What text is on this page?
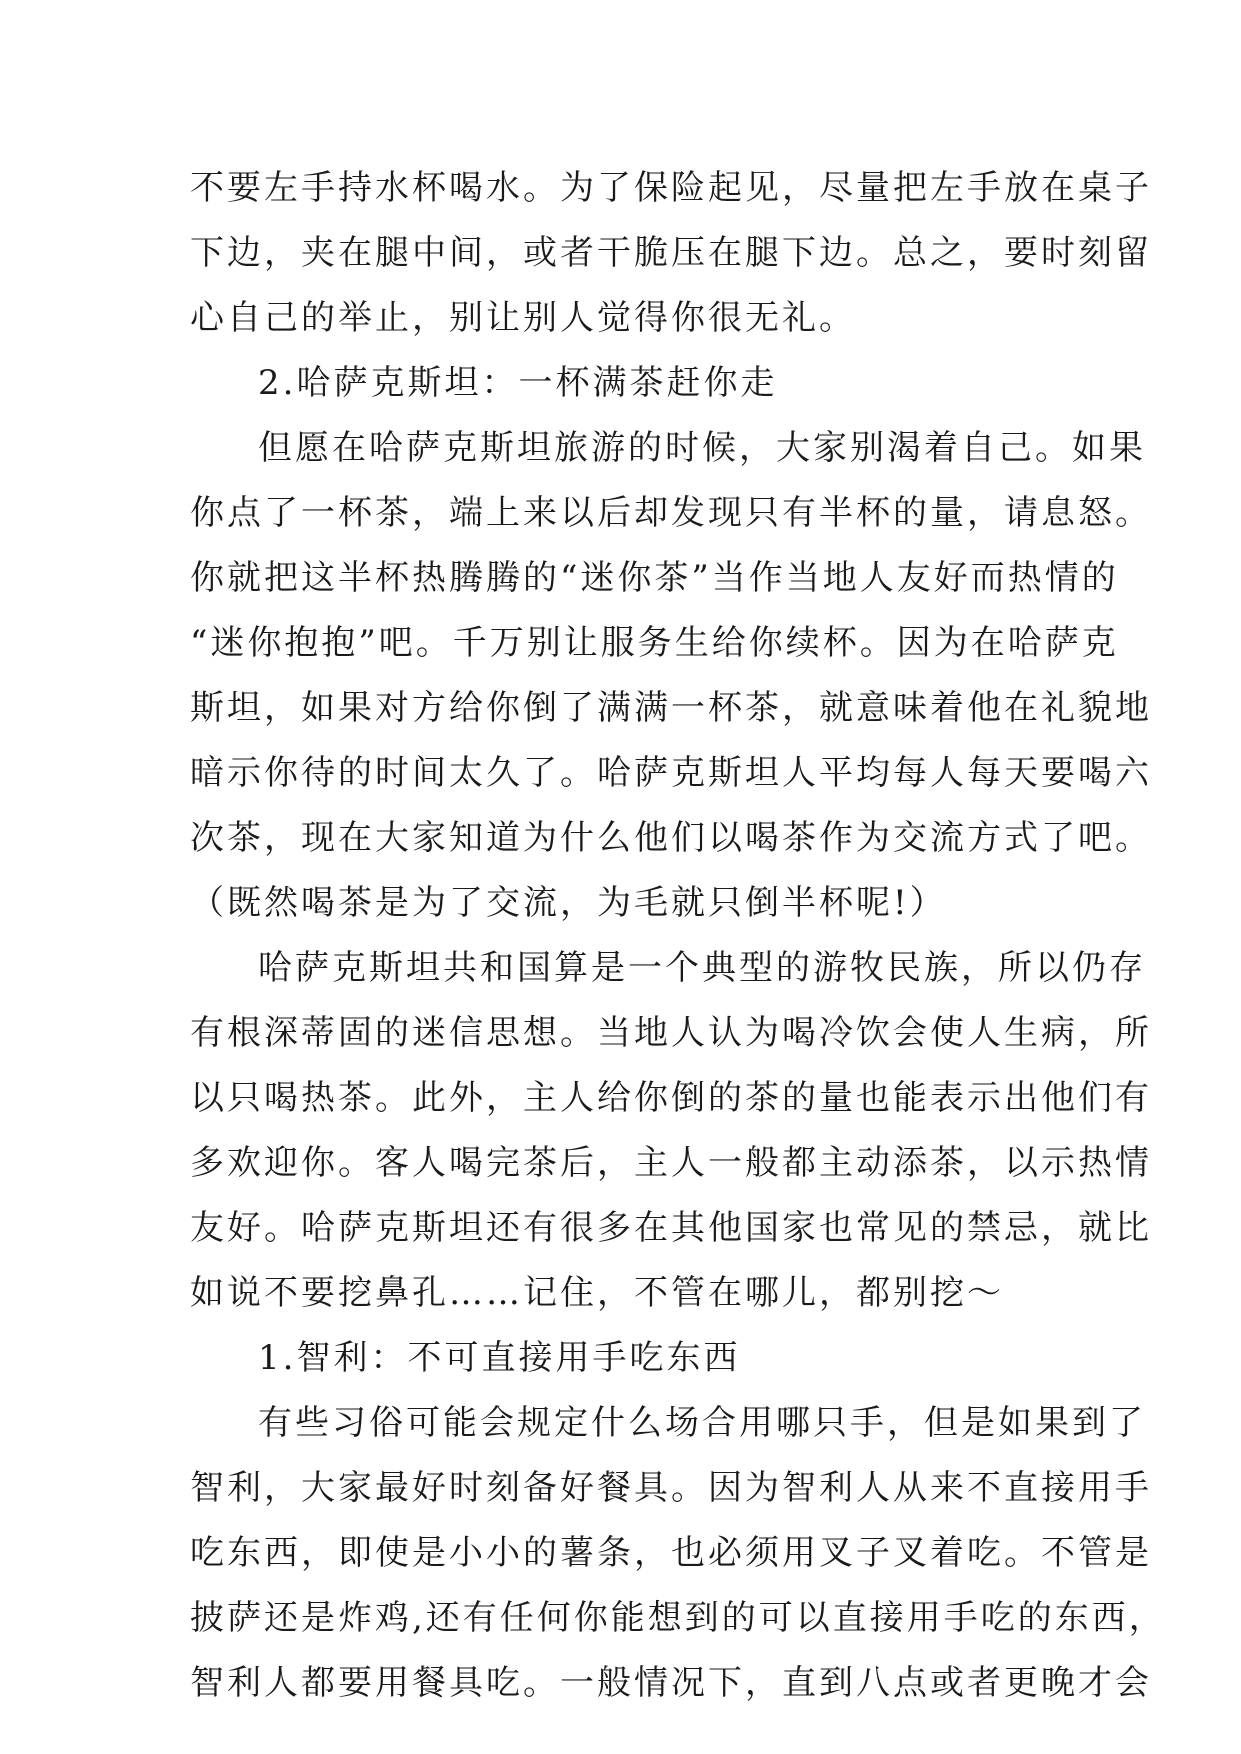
不要左手持水杯喝水。为了保险起见，尽量把左手放在桌子
下边，夹在腿中间，或者干脆压在腿下边。总之，要时刻留
心自己的举止，别让别人觉得你很无礼。
2.哈萨克斯坦：一杯满茶赶你走
但愿在哈萨克斯坦旅游的时候，大家别渴着自己。如果
你点了一杯茶，端上来以后却发现只有半杯的量，请息怒。
你就把这半杯热腾腾的“迷你茶”当作当地人友好而热情的
“迷你抱抱”吧。千万别让服务生给你续杯。因为在哈萨克
斯坦，如果对方给你倒了满满一杯茶，就意味着他在礼貌地
暗示你待的时间太久了。哈萨克斯坦人平均每人每天要喝六
次茶，现在大家知道为什么他们以喝茶作为交流方式了吧。
（既然喝茶是为了交流，为毛就只倒半杯呢!）
哈萨克斯坦共和国算是一个典型的游牧民族，所以仍存
有根深蒂固的迷信思想。当地人认为喝冷饮会使人生病，所
以只喝热茶。此外，主人给你倒的茶的量也能表示出他们有
多欢迎你。客人喝完茶后，主人一般都主动添茶，以示热情
友好。哈萨克斯坦还有很多在其他国家也常见的禁忌，就比
如说不要挖鼻孔……记住，不管在哪儿，都别挖～
1.智利：不可直接用手吃东西
有些习俗可能会规定什么场合用哪只手，但是如果到了
智利，大家最好时刻备好餐具。因为智利人从来不直接用手
吃东西，即使是小小的薯条，也必须用叉子叉着吃。不管是
披萨还是炸鸡,还有任何你能想到的可以直接用手吃的东西，
智利人都要用餐具吃。一般情况下，直到八点或者更晚才会
